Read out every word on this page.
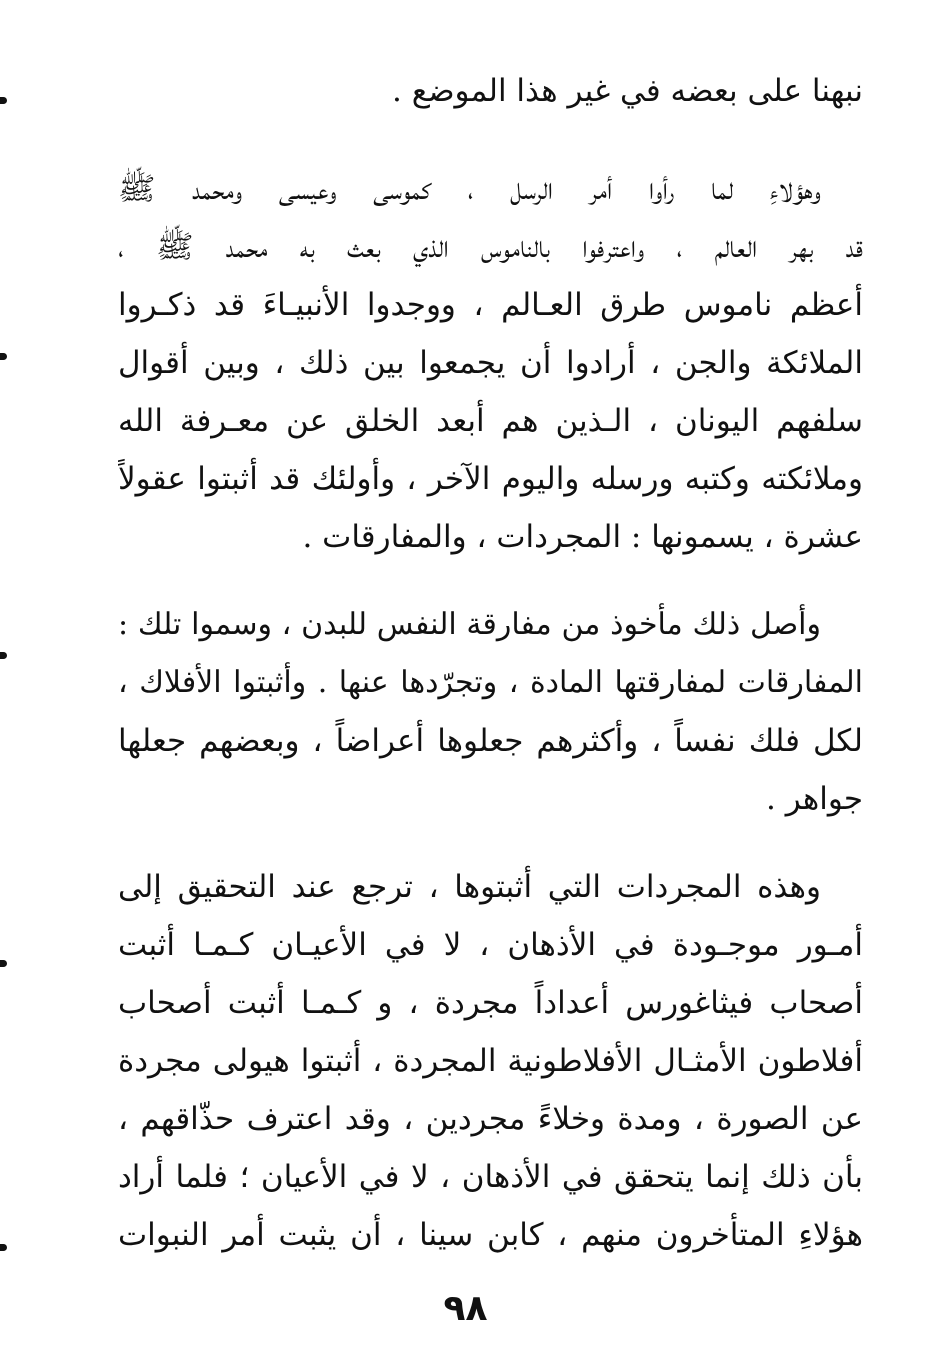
نبهنا على بعضه في غير هذا الموضع .
وهؤلاءِ لما رأوا أمر الرسل ، كموسى وعيسى ومحمد ﷺ
قد بهر العالم ، واعترفوا بالناموس الذي بعث به محمد ﷺ ،
أعظم ناموس طرق العـالم ، ووجدوا الأنبيـاءَ قد ذكـروا
الملائكة والجن ، أرادوا أن يجمعوا بين ذلك ، وبين أقوال
سلفهم اليونان ، الـذين هم أبعد الخلق عن معـرفة الله
وملائكته وكتبه ورسله واليوم الآخر ، وأولئك قد أثبتوا عقولاً
عشرة ، يسمونها : المجردات ، والمفارقات .
وأصل ذلك مأخوذ من مفارقة النفس للبدن ، وسموا تلك :
المفارقات لمفارقتها المادة ، وتجرّدها عنها . وأثبتوا الأفلاك ،
لكل فلك نفساً ، وأكثرهم جعلوها أعراضاً ، وبعضهم جعلها
جواهر .
وهذه المجردات التي أثبتوها ، ترجع عند التحقيق إلى
أمـور موجـودة في الأذهان ، لا في الأعيـان كـمـا أثبت
أصحاب فيثاغورس أعداداً مجردة ، و كـمـا أثبت أصحاب
أفلاطون الأمثـال الأفلاطونية المجردة ، أثبتوا هيولى مجردة
عن الصورة ، ومدة وخلاءً مجردين ، وقد اعترف حذّاقهم ،
بأن ذلك إنما يتحقق في الأذهان ، لا في الأعيان ؛ فلما أراد
هؤلاءِ المتأخرون منهم ، كابن سينا ، أن يثبت أمر النبوات
٩٨
